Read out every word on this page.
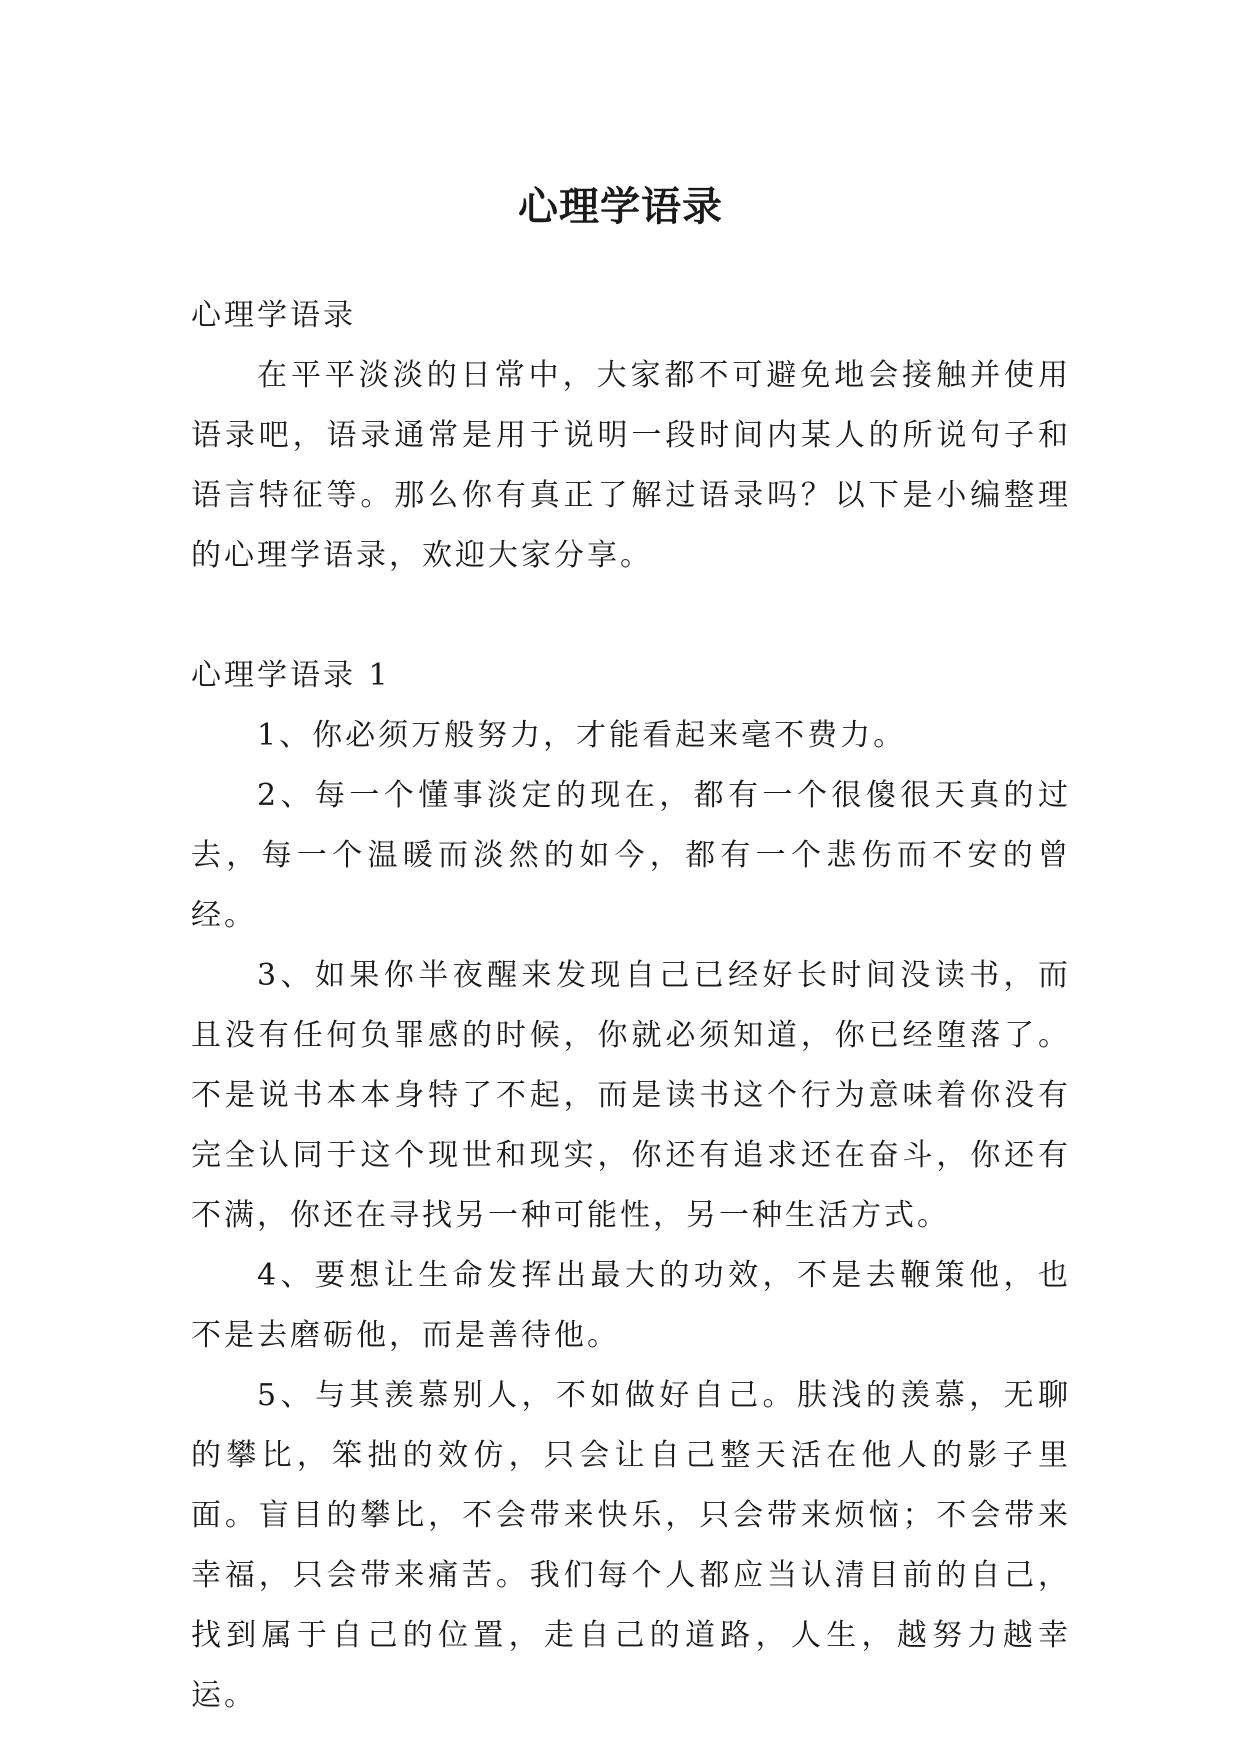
心理学语录

心理学语录

在平平淡淡的日常中，大家都不可避免地会接触并使用语录吧，语录通常是用于说明一段时间内某人的所说句子和语言特征等。那么你有真正了解过语录吗？以下是小编整理的心理学语录，欢迎大家分享。

心理学语录 1

1、你必须万般努力，才能看起来毫不费力。

2、每一个懂事淡定的现在，都有一个很傻很天真的过去，每一个温暖而淡然的如今，都有一个悲伤而不安的曾经。

3、如果你半夜醒来发现自己已经好长时间没读书，而且没有任何负罪感的时候，你就必须知道，你已经堕落了。不是说书本本身特了不起，而是读书这个行为意味着你没有完全认同于这个现世和现实，你还有追求还在奋斗，你还有不满，你还在寻找另一种可能性，另一种生活方式。

4、要想让生命发挥出最大的功效，不是去鞭策他，也不是去磨砺他，而是善待他。

5、与其羡慕别人，不如做好自己。肤浅的羡慕，无聊的攀比，笨拙的效仿，只会让自己整天活在他人的影子里面。盲目的攀比，不会带来快乐，只会带来烦恼；不会带来幸福，只会带来痛苦。我们每个人都应当认清目前的自己，找到属于自己的位置，走自己的道路，人生，越努力越幸运。
